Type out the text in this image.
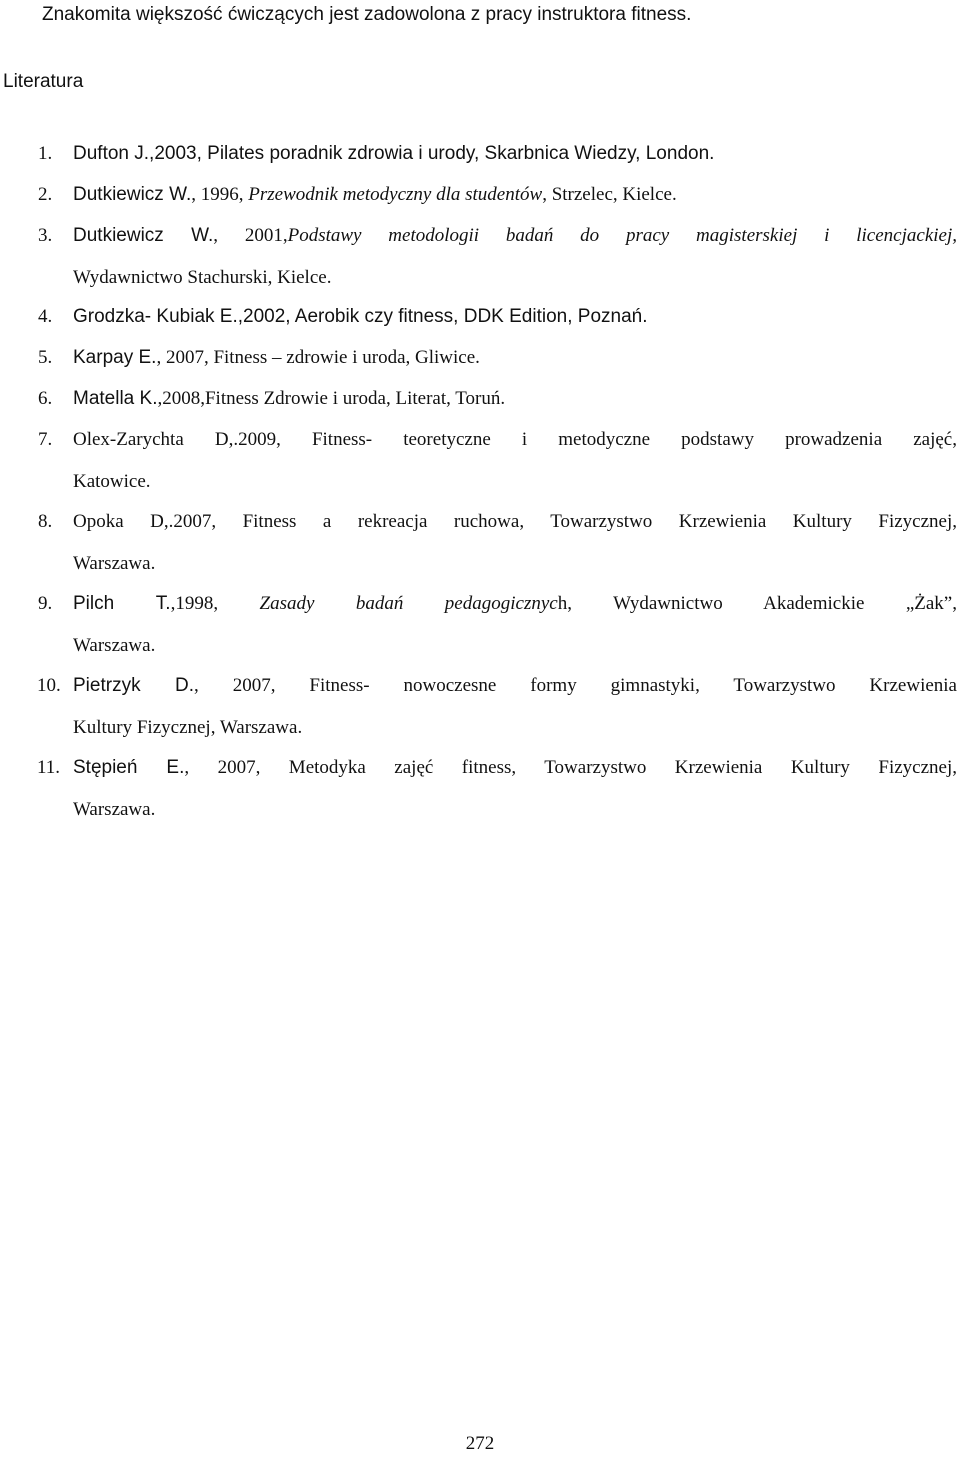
Znakomita większość ćwiczących jest zadowolona z pracy instruktora fitness.
Literatura
1. Dufton J.,2003, Pilates poradnik zdrowia i urody, Skarbnica Wiedzy, London.
2. Dutkiewicz W., 1996, Przewodnik metodyczny dla studentów, Strzelec, Kielce.
3. Dutkiewicz W., 2001,Podstawy metodologii badań do pracy magisterskiej i licencjackiej,
Wydawnictwo Stachurski, Kielce.
4. Grodzka- Kubiak E.,2002, Aerobik czy fitness, DDK Edition, Poznań.
5. Karpay E., 2007, Fitness – zdrowie i uroda, Gliwice.
6. Matella K.,2008,Fitness Zdrowie i uroda, Literat, Toruń.
7. Olex-Zarychta D,.2009, Fitness- teoretyczne i metodyczne podstawy prowadzenia zajęć,
Katowice.
8. Opoka D,.2007, Fitness a rekreacja ruchowa, Towarzystwo Krzewienia Kultury Fizycznej,
Warszawa.
9. Pilch T.,1998, Zasady badań pedagogicznych, Wydawnictwo Akademickie „Żak”,
Warszawa.
10. Pietrzyk D., 2007, Fitness- nowoczesne formy gimnastyki, Towarzystwo Krzewienia
Kultury Fizycznej, Warszawa.
11. Stępień E., 2007, Metodyka zajęć fitness, Towarzystwo Krzewienia Kultury Fizycznej,
Warszawa.
272
